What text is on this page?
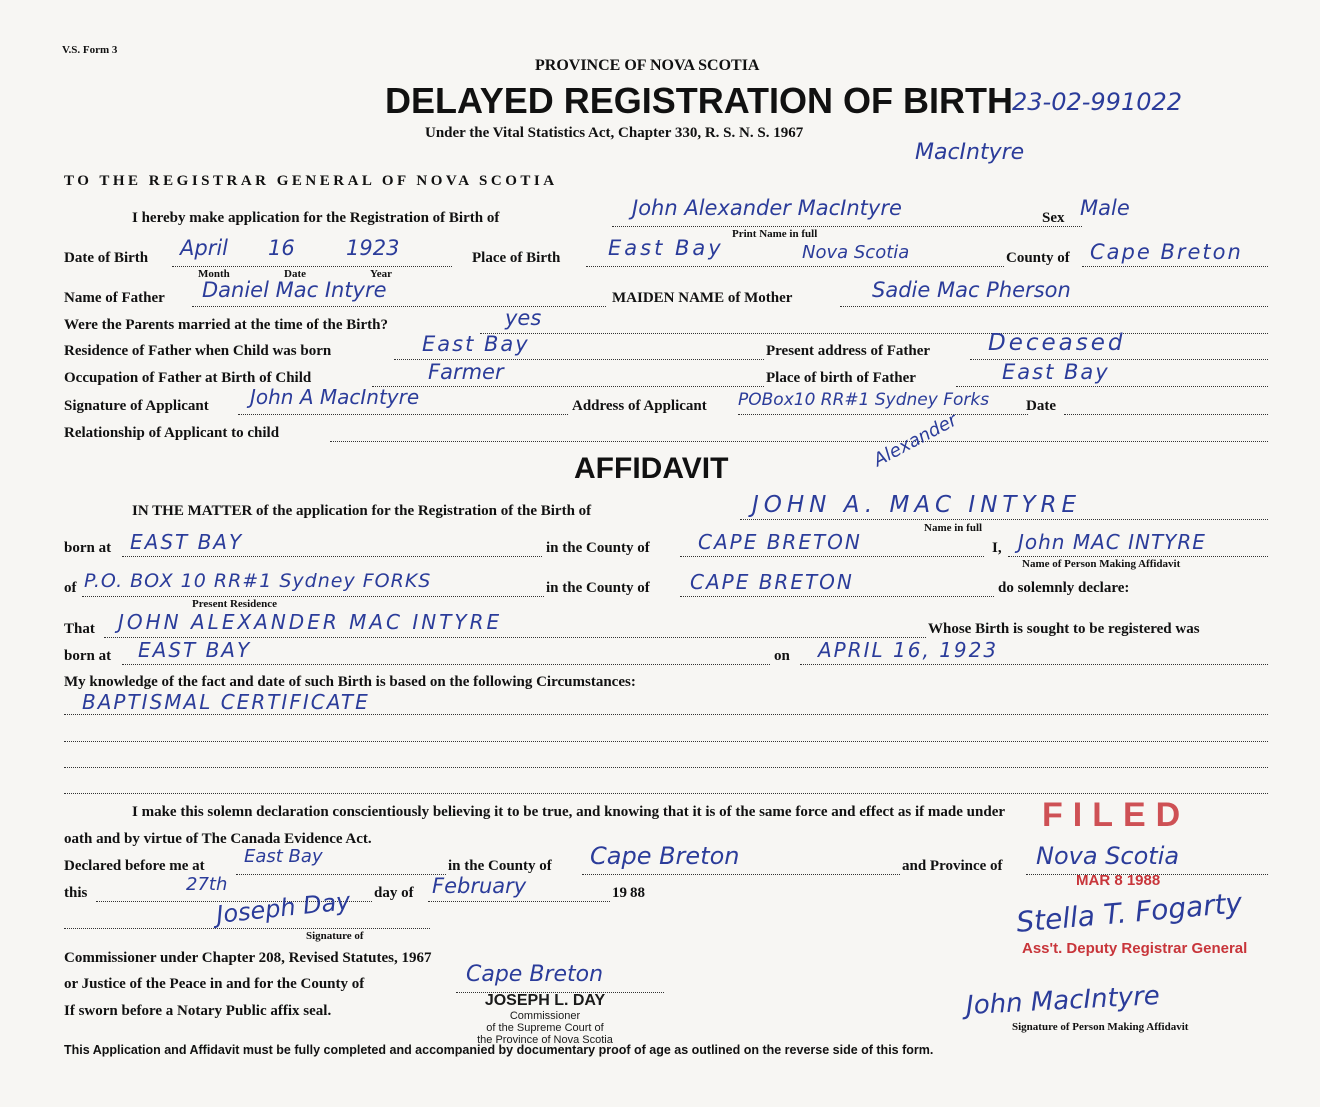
V.S. Form 3
PROVINCE OF NOVA SCOTIA
DELAYED REGISTRATION OF BIRTH
23-02-991022
Under the Vital Statistics Act, Chapter 330, R. S. N. S. 1967
MacIntyre
TO THE REGISTRAR GENERAL OF NOVA SCOTIA
I hereby make application for the Registration of Birth of	John Alexander MacIntyre	Sex Male
Print Name in full
Date of Birth April 16 1923
Month	Date	Year
Place of Birth East Bay	Nova Scotia	County of Cape Breton
Name of Father Daniel Mac Intyre	MAIDEN NAME of Mother	Sadie Mac Pherson
Were the Parents married at the time of the Birth?	yes
Residence of Father when Child was born	East Bay	Present address of Father	Deceased
Occupation of Father at Birth of Child	Farmer	Place of birth of Father	East Bay
Signature of Applicant John A MacIntyre	Address of Applicant POBox10 RR#1 Sydney Forks Date
Relationship of Applicant to child
AFFIDAVIT	Alexander
IN THE MATTER of the application for the Registration of the Birth of	JOHN A. MAC INTYRE
Name in full
born at EAST BAY	in the County of CAPE BRETON	I, John MAC INTYRE
Name of Person Making Affidavit
of P.O. BOX 10 RR#1 Sydney FORKS
Present Residence
in the County of CAPE BRETON	do solemnly declare:
That JOHN ALEXANDER MAC INTYRE	Whose Birth is sought to be registered was
born at EAST BAY	on APRIL 16, 1923
My knowledge of the fact and date of such Birth is based on the following Circumstances:
BAPTISMAL CERTIFICATE
I make this solemn declaration conscientiously believing it to be true, and knowing that it is of the same force and effect as if made under
oath and by virtue of The Canada Evidence Act.
FILED
Declared before me at East Bay	in the County of Cape Breton	and Province of Nova Scotia
MAR 8 1988
this	27th	day of February	19 88
Joseph Day
Signature of	Stella T. Fogarty
Ass't. Deputy Registrar General
Commissioner under Chapter 208, Revised Statutes, 1967
or Justice of the Peace in and for the County of	Cape Breton
If sworn before a Notary Public affix seal.
JOSEPH L. DAY
Commissioner
of the Supreme Court of
the Province of Nova Scotia
John MacIntyre
Signature of Person Making Affidavit
This Application and Affidavit must be fully completed and accompanied by documentary proof of age as outlined on the reverse side of this form.
